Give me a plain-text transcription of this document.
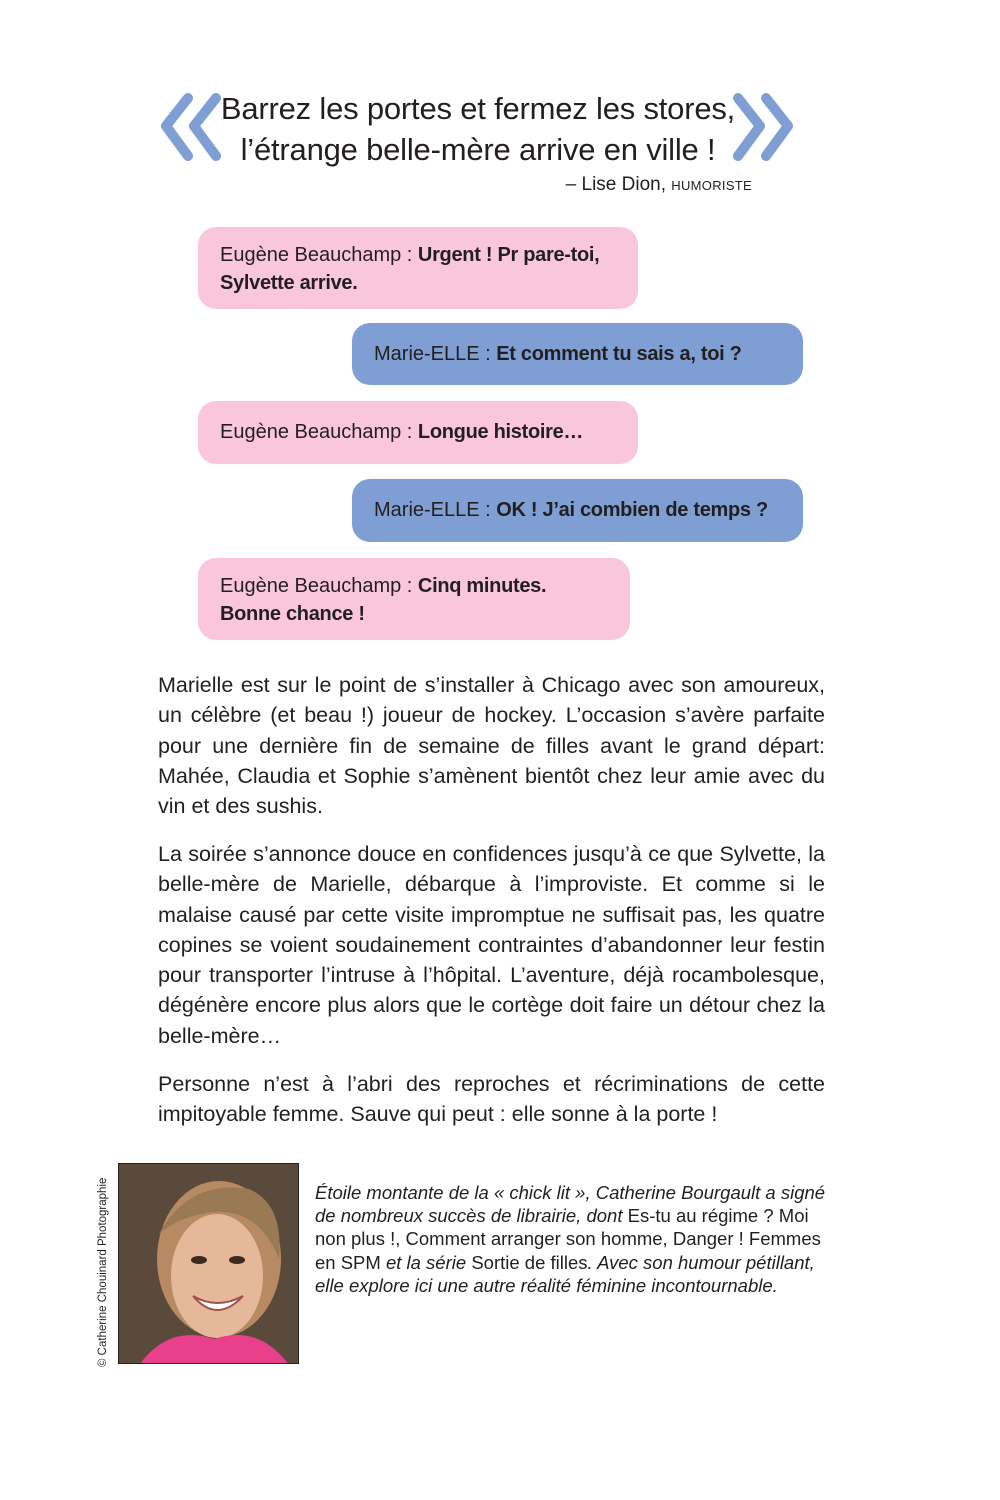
Barrez les portes et fermez les stores,
l’étrange belle-mère arrive en ville !
– Lise Dion, HUMORISTE
Eugène Beauchamp : Urgent ! Pr pare-toi, Sylvette arrive.
Marie-ELLE : Et comment tu sais a, toi ?
Eugène Beauchamp : Longue histoire…
Marie-ELLE : OK ! J’ai combien de temps ?
Eugène Beauchamp : Cinq minutes. Bonne chance !

Marielle est sur le point de s’installer à Chicago avec son amoureux, un célèbre (et beau !) joueur de hockey. L’occasion s’avère parfaite pour une dernière fin de semaine de filles avant le grand départ: Mahée, Claudia et Sophie s’amènent bientôt chez leur amie avec du vin et des sushis.

La soirée s’annonce douce en confidences jusqu’à ce que Sylvette, la belle-mère de Marielle, débarque à l’improviste. Et comme si le malaise causé par cette visite impromptue ne suffisait pas, les quatre copines se voient soudainement contraintes d’abandonner leur festin pour transporter l’intruse à l’hôpital. L’aventure, déjà rocambolesque, dégénère encore plus alors que le cortège doit faire un détour chez la belle-mère…

Personne n’est à l’abri des reproches et récriminations de cette impitoyable femme. Sauve qui peut : elle sonne à la porte !

© Catherine Chouinard Photographie	Étoile montante de la « chick lit », Catherine Bourgault a signé de nombreux succès de librairie, dont Es-tu au régime ? Moi non plus !, Comment arranger son homme, Danger ! Femmes en SPM et la série Sortie de filles. Avec son humour pétillant, elle explore ici une autre réalité féminine incontournable.
